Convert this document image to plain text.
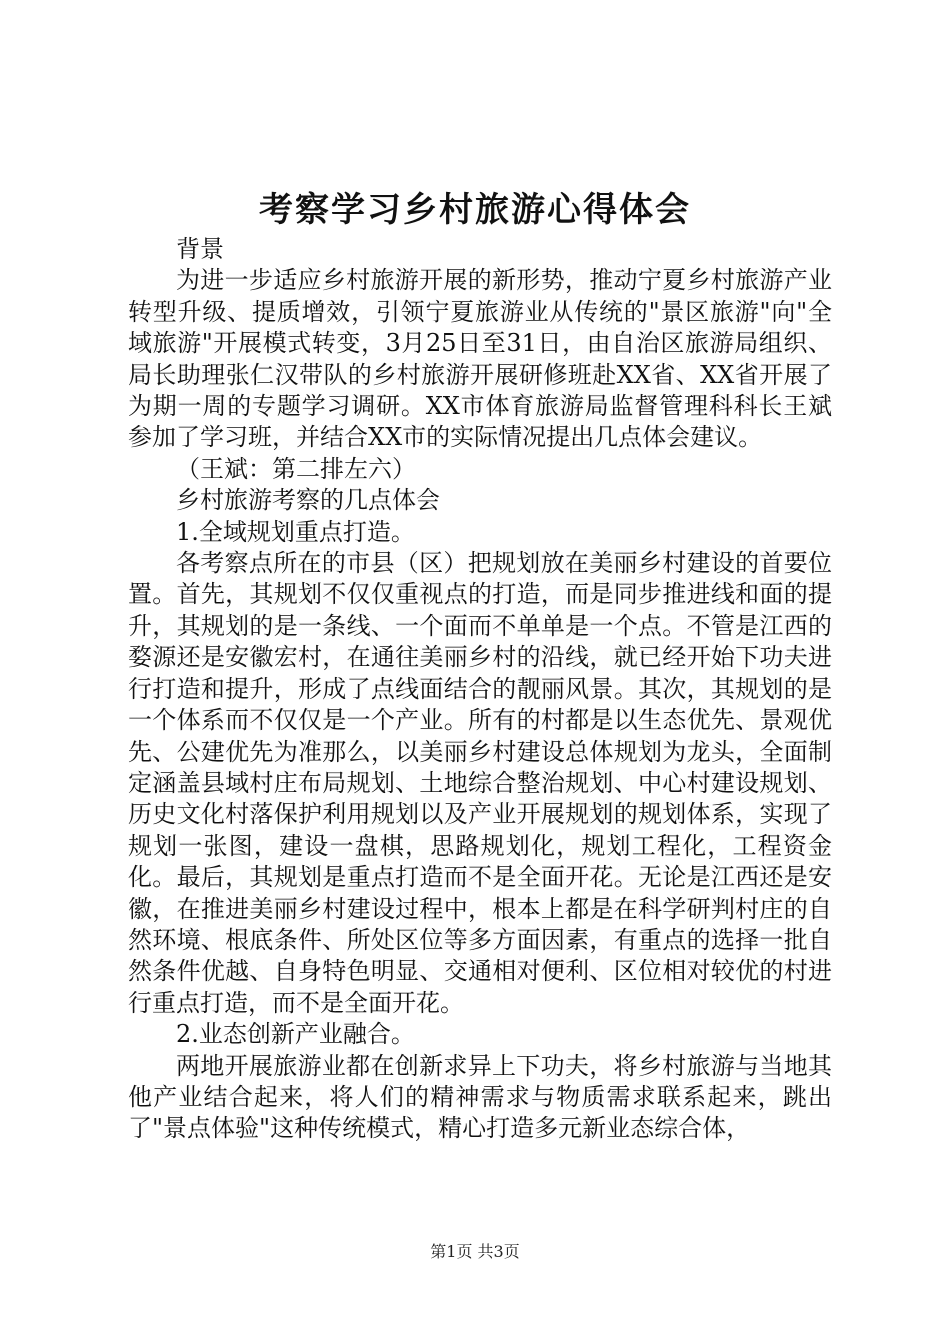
考察学习乡村旅游心得体会

背景

为进一步适应乡村旅游开展的新形势，推动宁夏乡村旅游产业转型升级、提质增效，引领宁夏旅游业从传统的"景区旅游"向"全域旅游"开展模式转变，3月25日至31日，由自治区旅游局组织、局长助理张仁汉带队的乡村旅游开展研修班赴XX省、XX省开展了为期一周的专题学习调研。XX市体育旅游局监督管理科科长王斌参加了学习班，并结合XX市的实际情况提出几点体会建议。

（王斌：第二排左六）

乡村旅游考察的几点体会

1.全域规划重点打造。

各考察点所在的市县（区）把规划放在美丽乡村建设的首要位置。首先，其规划不仅仅重视点的打造，而是同步推进线和面的提升，其规划的是一条线、一个面而不单单是一个点。不管是江西的婺源还是安徽宏村，在通往美丽乡村的沿线，就已经开始下功夫进行打造和提升，形成了点线面结合的靓丽风景。其次，其规划的是一个体系而不仅仅是一个产业。所有的村都是以生态优先、景观优先、公建优先为准那么，以美丽乡村建设总体规划为龙头，全面制定涵盖县域村庄布局规划、土地综合整治规划、中心村建设规划、历史文化村落保护利用规划以及产业开展规划的规划体系，实现了规划一张图，建设一盘棋，思路规划化，规划工程化，工程资金化。最后，其规划是重点打造而不是全面开花。无论是江西还是安徽，在推进美丽乡村建设过程中，根本上都是在科学研判村庄的自然环境、根底条件、所处区位等多方面因素，有重点的选择一批自然条件优越、自身特色明显、交通相对便利、区位相对较优的村进行重点打造，而不是全面开花。

2.业态创新产业融合。

两地开展旅游业都在创新求异上下功夫，将乡村旅游与当地其他产业结合起来，将人们的精神需求与物质需求联系起来，跳出了"景点体验"这种传统模式，精心打造多元新业态综合体，

第1页 共3页
